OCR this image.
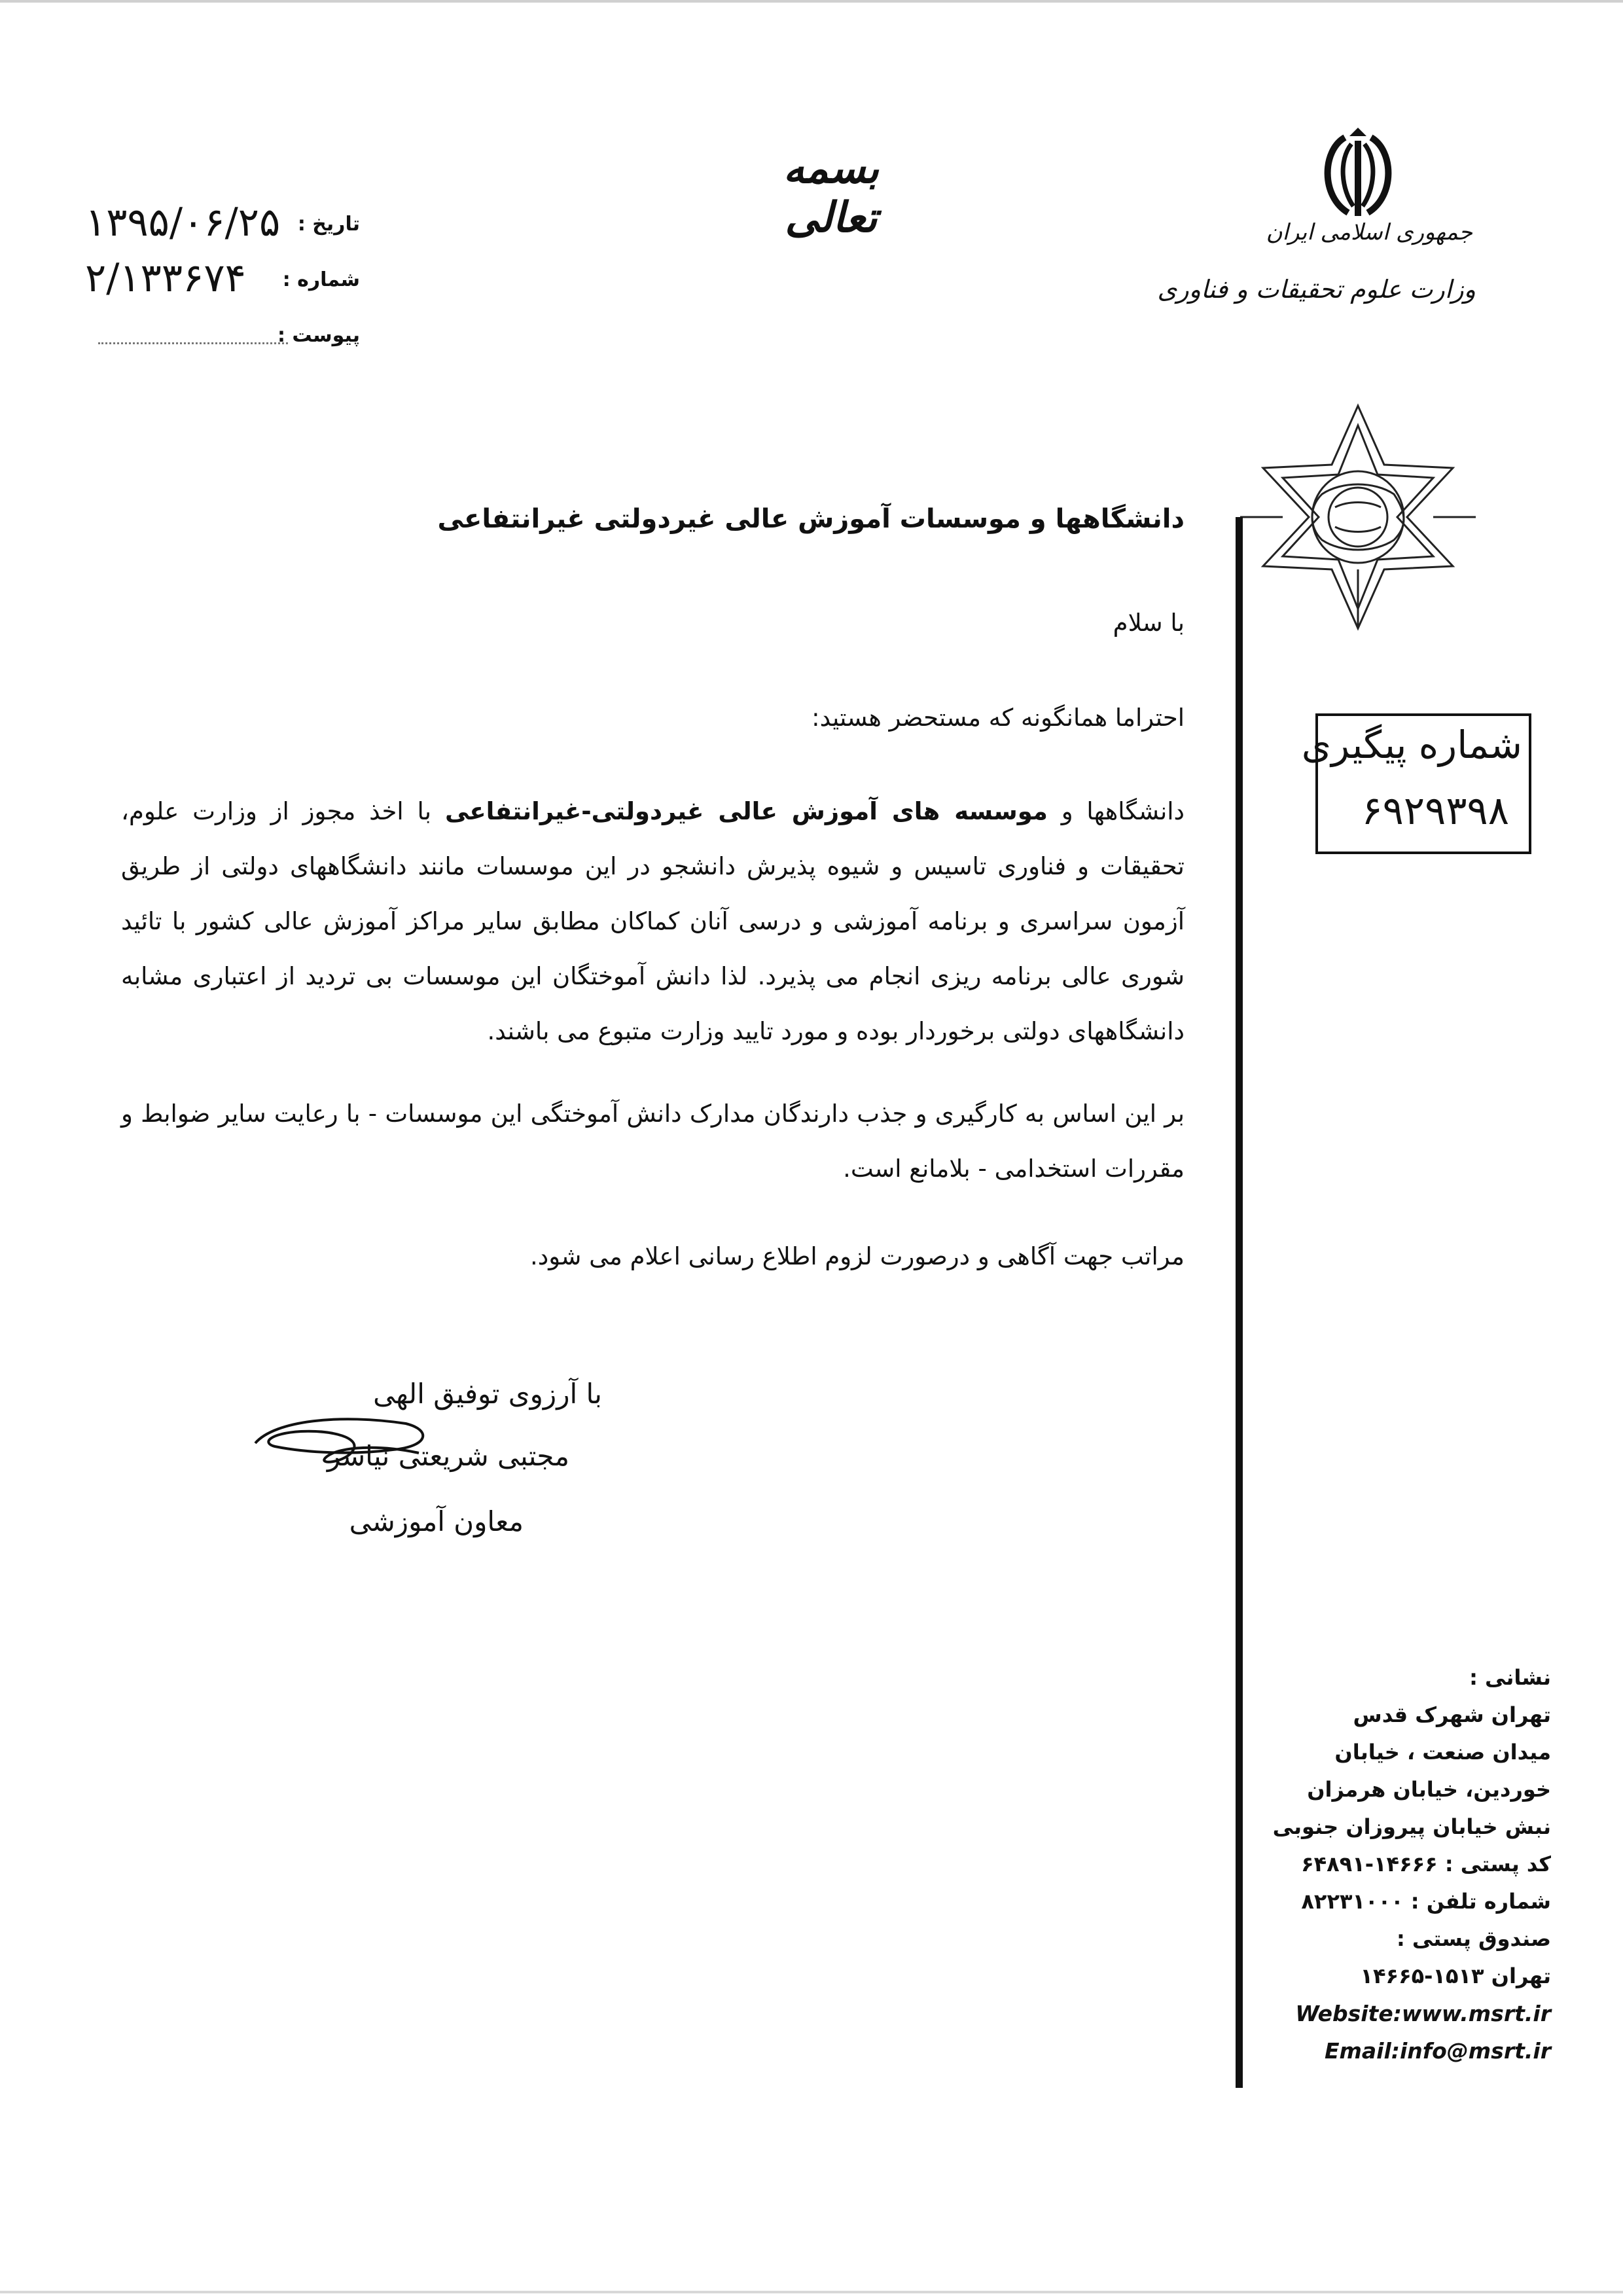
تاریخ :
۱۳۹۵/۰۶/۲۵
شماره :
۲/۱۳۳۶۷۴
پیوست :
بسمه تعالی	جمهوری اسلامی ایران
وزارت علوم تحقیقات و فناوری
شماره پیگیری
۶۹۲۹۳۹۸
دانشگاهها و موسسات آموزش عالی غیردولتی غیرانتفاعی
با سلام
احتراما همانگونه که مستحضر هستید:
دانشگاهها و موسسه های آموزش عالی غیردولتی-غیرانتفاعی با اخذ مجوز از وزارت علوم، تحقیقات و فناوری تاسیس و شیوه پذیرش دانشجو در این موسسات مانند دانشگاههای دولتی از طریق آزمون سراسری و برنامه آموزشی و درسی آنان کماکان مطابق سایر مراکز آموزش عالی کشور با تائید شوری عالی برنامه ریزی انجام می پذیرد. لذا دانش آموختگان این موسسات بی تردید از اعتباری مشابه دانشگاههای دولتی برخوردار بوده و مورد تایید وزارت متبوع می باشند.
بر این اساس به کارگیری و جذب دارندگان مدارک دانش آموختگی این موسسات - با رعایت سایر ضوابط و مقررات استخدامی - بلامانع است.
مراتب جهت آگاهی و درصورت لزوم اطلاع رسانی اعلام می شود.
با آرزوی توفیق الهی
مجتبی شریعتی نیاسر
معاون آموزشی
نشانی :
تهران شهرک قدس
میدان صنعت ، خیابان
خوردین، خیابان هرمزان
نبش خیابان پیروزان جنوبی
کد پستی : ۱۴۶۶۶-۶۴۸۹۱
شماره تلفن : ۸۲۲۳۱۰۰۰
صندوق پستی :
تهران ۱۵۱۳-۱۴۶۶۵
Website:www.msrt.ir
Email:info@msrt.ir
